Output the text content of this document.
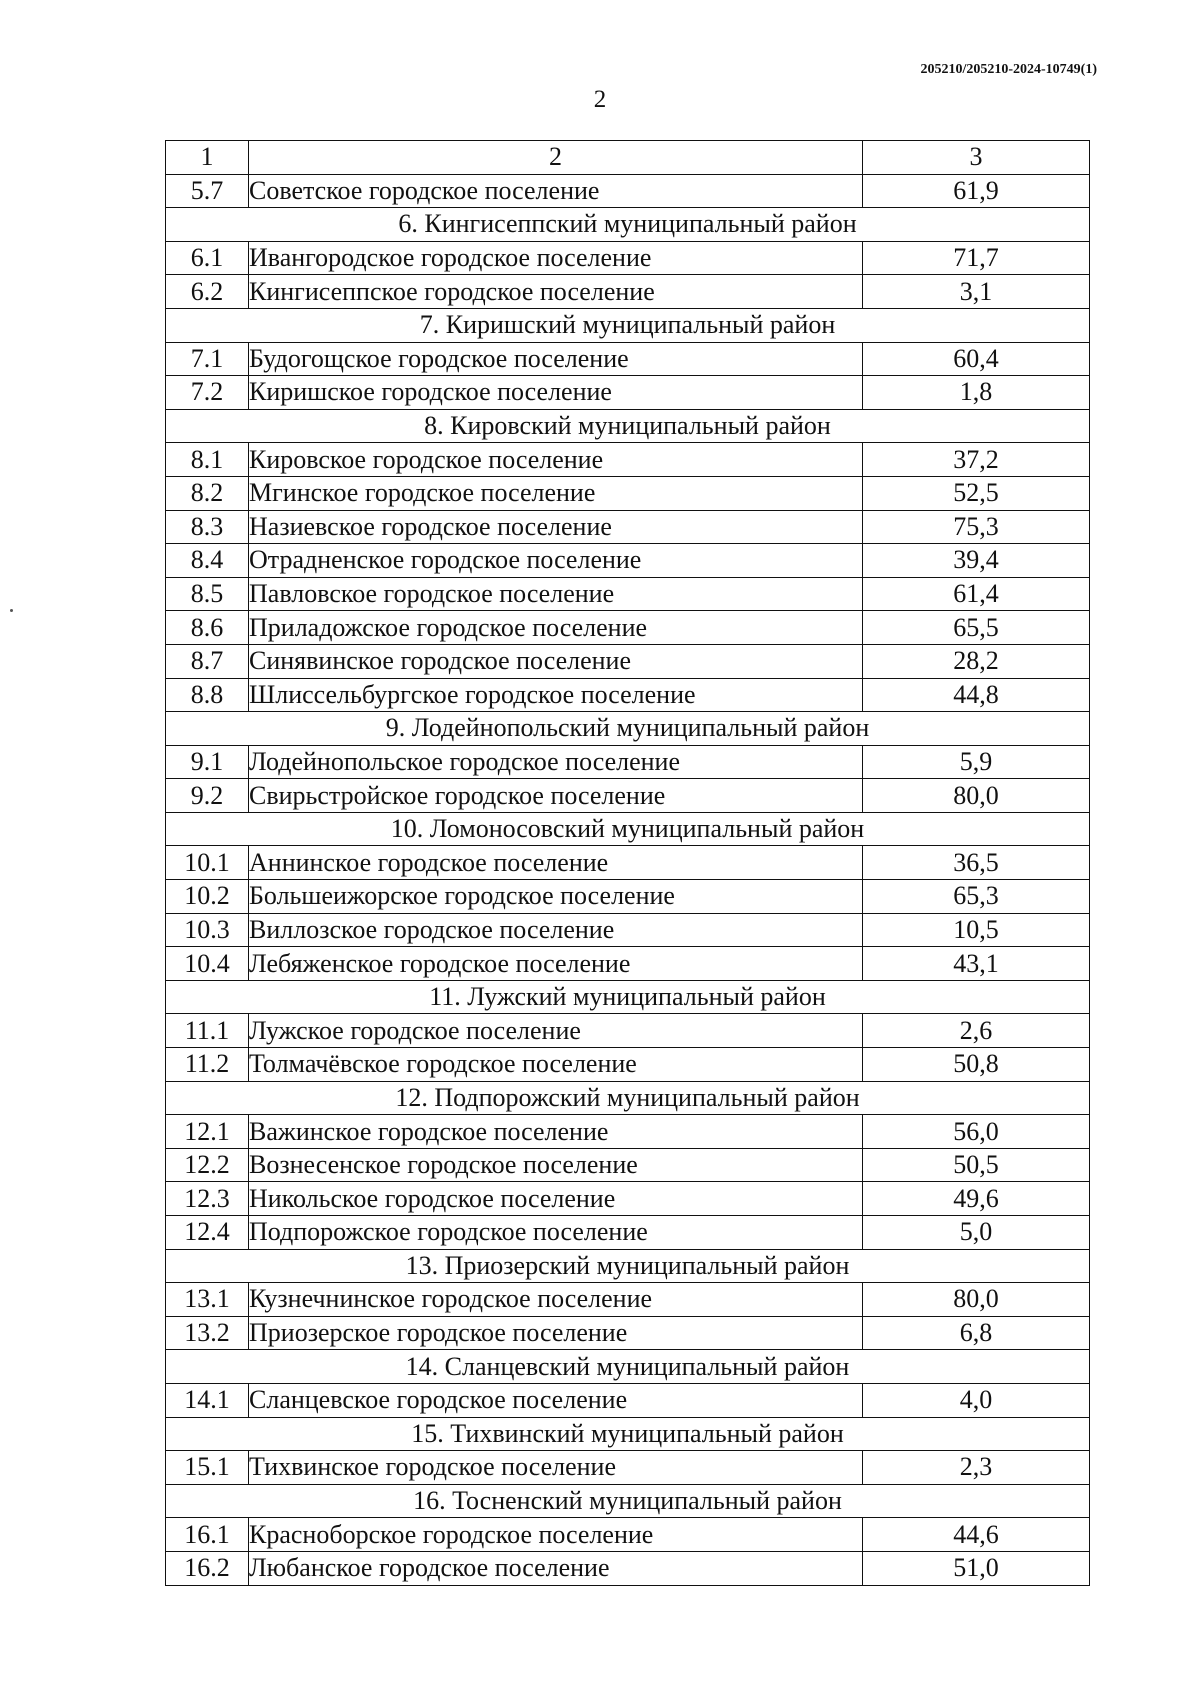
205210/205210-2024-10749(1)
2
1	2	3
5.7	Советское городское поселение	61,9
6. Кингисеппский муниципальный район		
6.1	Ивангородское городское поселение	71,7
6.2	Кингисеппское городское поселение	3,1
7. Киришский муниципальный район		
7.1	Будогощское городское поселение	60,4
7.2	Киришское городское поселение	1,8
8. Кировский муниципальный район		
8.1	Кировское городское поселение	37,2
8.2	Мгинское городское поселение	52,5
8.3	Назиевское городское поселение	75,3
8.4	Отрадненское городское поселение	39,4
8.5	Павловское городское поселение	61,4
8.6	Приладожское городское поселение	65,5
8.7	Синявинское городское поселение	28,2
8.8	Шлиссельбургское городское поселение	44,8
9. Лодейнопольский муниципальный район		
9.1	Лодейнопольское городское поселение	5,9
9.2	Свирьстройское городское поселение	80,0
10. Ломоносовский муниципальный район		
10.1	Аннинское городское поселение	36,5
10.2	Большеижорское городское поселение	65,3
10.3	Виллозское городское поселение	10,5
10.4	Лебяженское городское поселение	43,1
11. Лужский муниципальный район		
11.1	Лужское городское поселение	2,6
11.2	Толмачёвское городское поселение	50,8
12. Подпорожский муниципальный район		
12.1	Важинское городское поселение	56,0
12.2	Вознесенское городское поселение	50,5
12.3	Никольское городское поселение	49,6
12.4	Подпорожское городское поселение	5,0
13. Приозерский муниципальный район		
13.1	Кузнечнинское городское поселение	80,0
13.2	Приозерское городское поселение	6,8
14. Сланцевский муниципальный район		
14.1	Сланцевское городское поселение	4,0
15. Тихвинский муниципальный район		
15.1	Тихвинское городское поселение	2,3
16. Тосненский муниципальный район		
16.1	Красноборское городское поселение	44,6
16.2	Любанское городское поселение	51,0
